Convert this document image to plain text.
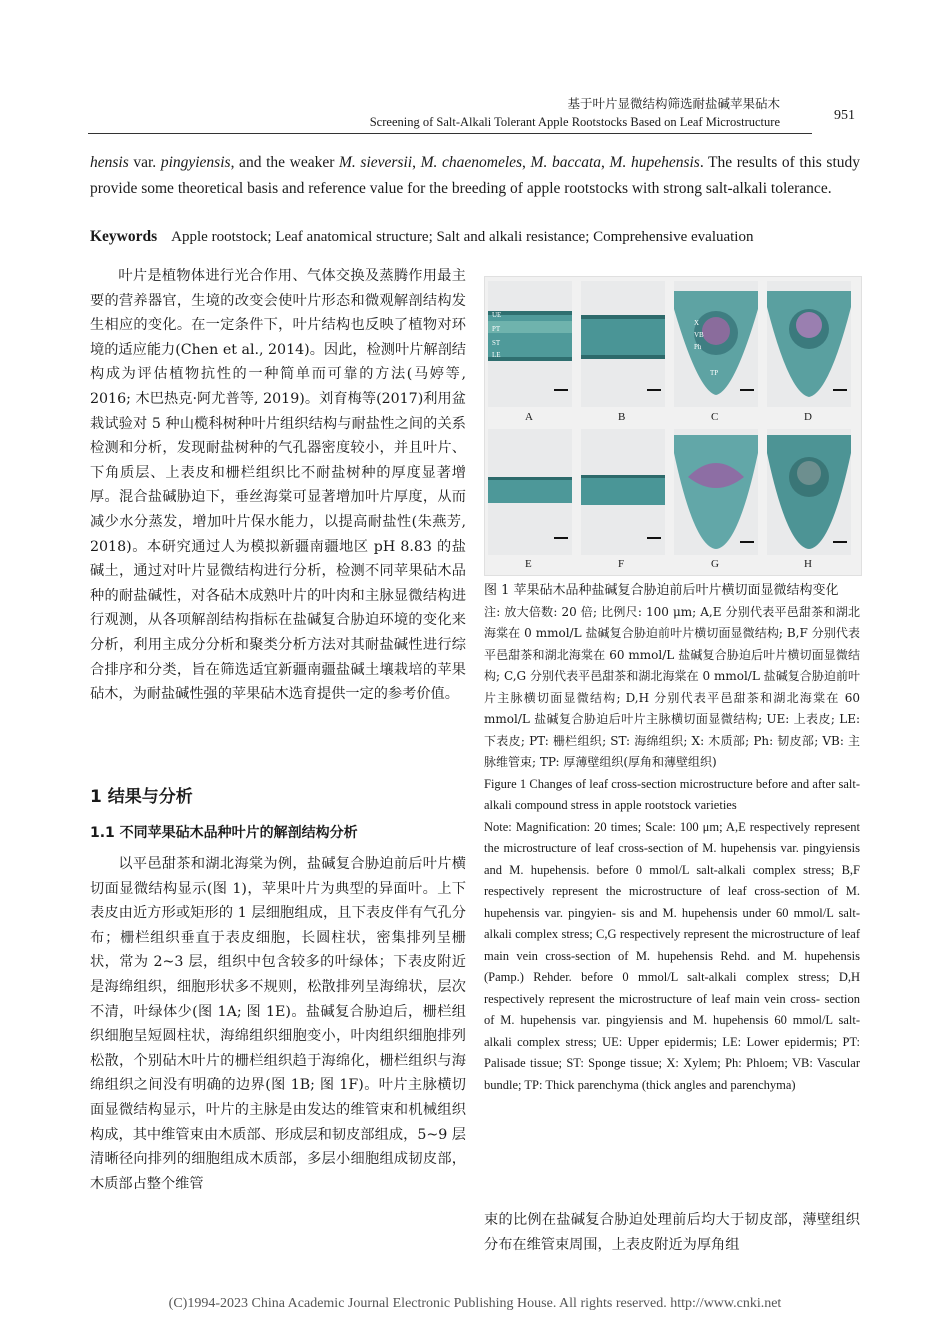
基于叶片显微结构筛选耐盐碱苹果砧木
Screening of Salt-Alkali Tolerant Apple Rootstocks Based on Leaf Microstructure	951
hensis var. pingyiensis, and the weaker M. sieversii, M. chaenomeles, M. baccata, M. hupehensis. The results of this study provide some theoretical basis and reference value for the breeding of apple rootstocks with strong salt-alkali tolerance.
Keywords Apple rootstock; Leaf anatomical structure; Salt and alkali resistance; Comprehensive evaluation

叶片是植物体进行光合作用、气体交换及蒸腾作用最主要的营养器官，生境的改变会使叶片形态和微观解剖结构发生相应的变化。在一定条件下，叶片结构也反映了植物对环境的适应能力(Chen et al., 2014)。因此，检测叶片解剖结构成为评估植物抗性的一种简单而可靠的方法(马婷等, 2016; 木巴热克·阿尤普等, 2019)。刘育梅等(2017)利用盆栽试验对 5 种山榄科树种叶片组织结构与耐盐性之间的关系检测和分析，发现耐盐树种的气孔器密度较小，并且叶片、下角质层、上表皮和栅栏组织比不耐盐树种的厚度显著增厚。混合盐碱胁迫下，垂丝海棠可显著增加叶片厚度，从而减少水分蒸发，增加叶片保水能力，以提高耐盐性(朱燕芳, 2018)。本研究通过人为模拟新疆南疆地区 pH 8.83 的盐碱土，通过对叶片显微结构进行分析，检测不同苹果砧木品种的耐盐碱性，对各砧木成熟叶片的叶肉和主脉显微结构进行观测，从各项解剖结构指标在盐碱复合胁迫环境的变化来分析，利用主成分分析和聚类分析方法对其耐盐碱性进行综合排序和分类，旨在筛选适宜新疆南疆盐碱土壤栽培的苹果砧木，为耐盐碱性强的苹果砧木选育提供一定的参考价值。

1 结果与分析
1.1 不同苹果砧木品种叶片的解剖结构分析

以平邑甜茶和湖北海棠为例，盐碱复合胁迫前后叶片横切面显微结构显示(图 1)，苹果叶片为典型的异面叶。上下表皮由近方形或矩形的 1 层细胞组成，且下表皮伴有气孔分布；栅栏组织垂直于表皮细胞，长圆柱状，密集排列呈栅状，常为 2~3 层，组织中包含较多的叶绿体；下表皮附近是海绵组织，细胞形状多不规则，松散排列呈海绵状，层次不清，叶绿体少(图 1A; 图 1E)。盐碱复合胁迫后，栅栏组织细胞呈短圆柱状，海绵组织细胞变小，叶肉组织细胞排列松散，个别砧木叶片的栅栏组织趋于海绵化，栅栏组织与海绵组织之间没有明确的边界(图 1B; 图 1F)。叶片主脉横切面显微结构显示，叶片的主脉是由发达的维管束和机械组织构成，其中维管束由木质部、形成层和韧皮部组成，5~9 层清晰径向排列的细胞组成木质部，多层小细胞组成韧皮部，木质部占整个维管

UE
PT
ST
LE
X
VB
Ph
TP
A	B	C	D
E	F	G	H

图 1 苹果砧木品种盐碱复合胁迫前后叶片横切面显微结构变化

注: 放大倍数: 20 倍; 比例尺: 100 μm; A,E 分别代表平邑甜茶和湖北海棠在 0 mmol/L 盐碱复合胁迫前叶片横切面显微结构; B,F 分别代表平邑甜茶和湖北海棠在 60 mmol/L 盐碱复合胁迫后叶片横切面显微结构; C,G 分别代表平邑甜茶和湖北海棠在 0 mmol/L 盐碱复合胁迫前叶片主脉横切面显微结构; D,H 分别代表平邑甜茶和湖北海棠在 60 mmol/L 盐碱复合胁迫后叶片主脉横切面显微结构; UE: 上表皮; LE: 下表皮; PT: 栅栏组织; ST: 海绵组织; X: 木质部; Ph: 韧皮部; VB: 主脉维管束; TP: 厚薄壁组织(厚角和薄壁组织)

Figure 1 Changes of leaf cross-section microstructure before and after salt-alkali compound stress in apple rootstock varieties

Note: Magnification: 20 times; Scale: 100 μm; A,E respectively represent the microstructure of leaf cross-section of M. hupehensis var. pingyiensis and M. hupehensis. before 0 mmol/L salt-alkali complex stress; B,F respectively represent the microstructure of leaf cross-section of M. hupehensis var. pingyien- sis and M. hupehensis under 60 mmol/L salt-alkali complex stress; C,G respectively represent the microstructure of leaf main vein cross-section of M. hupehensis Rehd. and M. hupehensis (Pamp.) Rehder. before 0 mmol/L salt-alkali complex stress; D,H respectively represent the microstructure of leaf main vein cross- section of M. hupehensis var. pingyiensis and M. hupehensis 60 mmol/L salt-alkali complex stress; UE: Upper epidermis; LE: Lower epidermis; PT: Palisade tissue; ST: Sponge tissue; X: Xylem; Ph: Phloem; VB: Vascular bundle; TP: Thick parenchyma (thick angles and parenchyma)

束的比例在盐碱复合胁迫处理前后均大于韧皮部，薄壁组织分布在维管束周围，上表皮附近为厚角组

(C)1994-2023 China Academic Journal Electronic Publishing House. All rights reserved. http://www.cnki.net
